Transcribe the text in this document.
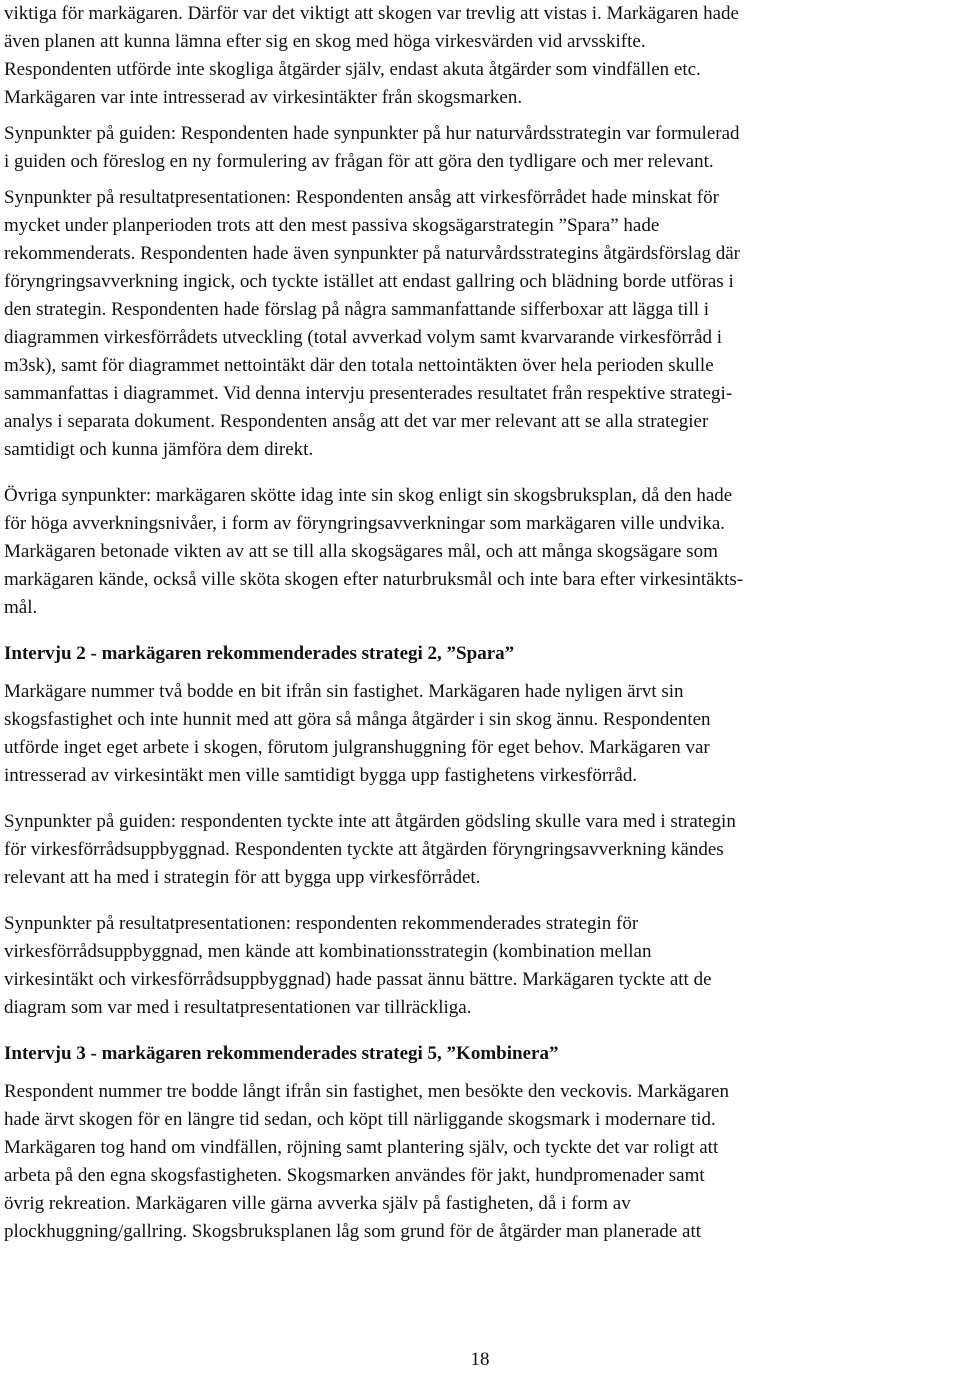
viktiga för markägaren. Därför var det viktigt att skogen var trevlig att vistas i. Markägaren hade
även planen att kunna lämna efter sig en skog med höga virkesvärden vid arvsskifte.
Respondenten utförde inte skogliga åtgärder själv, endast akuta åtgärder som vindfällen etc.
Markägaren var inte intresserad av virkesintäkter från skogsmarken.
Synpunkter på guiden: Respondenten hade synpunkter på hur naturvårdsstrategin var formulerad
i guiden och föreslog en ny formulering av frågan för att göra den tydligare och mer relevant.
Synpunkter på resultatpresentationen: Respondenten ansåg att virkesförrådet hade minskat för
mycket under planperioden trots att den mest passiva skogsägarstrategin ”Spara” hade
rekommenderats. Respondenten hade även synpunkter på naturvårdsstrategins åtgärdsförslag där
föryngringsavverkning ingick, och tyckte istället att endast gallring och blädning borde utföras i
den strategin. Respondenten hade förslag på några sammanfattande sifferboxar att lägga till i
diagrammen virkesförrådets utveckling (total avverkad volym samt kvarvarande virkesförråd i
m3sk), samt för diagrammet nettointäkt där den totala nettointäkten över hela perioden skulle
sammanfattas i diagrammet. Vid denna intervju presenterades resultatet från respektive strategi-
analys i separata dokument. Respondenten ansåg att det var mer relevant att se alla strategier
samtidigt och kunna jämföra dem direkt.
Övriga synpunkter: markägaren skötte idag inte sin skog enligt sin skogsbruksplan, då den hade
för höga avverkningsnivåer, i form av föryngringsavverkningar som markägaren ville undvika.
Markägaren betonade vikten av att se till alla skogsägares mål, och att många skogsägare som
markägaren kände, också ville sköta skogen efter naturbruksmål och inte bara efter virkesintäkts-
mål.
Intervju 2 - markägaren rekommenderades strategi 2, ”Spara”
Markägare nummer två bodde en bit ifrån sin fastighet. Markägaren hade nyligen ärvt sin
skogsfastighet och inte hunnit med att göra så många åtgärder i sin skog ännu. Respondenten
utförde inget eget arbete i skogen, förutom julgranshuggning för eget behov. Markägaren var
intresserad av virkesintäkt men ville samtidigt bygga upp fastighetens virkesförråd.
Synpunkter på guiden: respondenten tyckte inte att åtgärden gödsling skulle vara med i strategin
för virkesförrådsuppbyggnad. Respondenten tyckte att åtgärden föryngringsavverkning kändes
relevant att ha med i strategin för att bygga upp virkesförrådet.
Synpunkter på resultatpresentationen: respondenten rekommenderades strategin för
virkesförrådsuppbyggnad, men kände att kombinationsstrategin (kombination mellan
virkesintäkt och virkesförrådsuppbyggnad) hade passat ännu bättre. Markägaren tyckte att de
diagram som var med i resultatpresentationen var tillräckliga.
Intervju 3 - markägaren rekommenderades strategi 5, ”Kombinera”
Respondent nummer tre bodde långt ifrån sin fastighet, men besökte den veckovis. Markägaren
hade ärvt skogen för en längre tid sedan, och köpt till närliggande skogsmark i modernare tid.
Markägaren tog hand om vindfällen, röjning samt plantering själv, och tyckte det var roligt att
arbeta på den egna skogsfastigheten. Skogsmarken användes för jakt, hundpromenader samt
övrig rekreation. Markägaren ville gärna avverka själv på fastigheten, då i form av
plockhuggning/gallring. Skogsbruksplanen låg som grund för de åtgärder man planerade att
18
